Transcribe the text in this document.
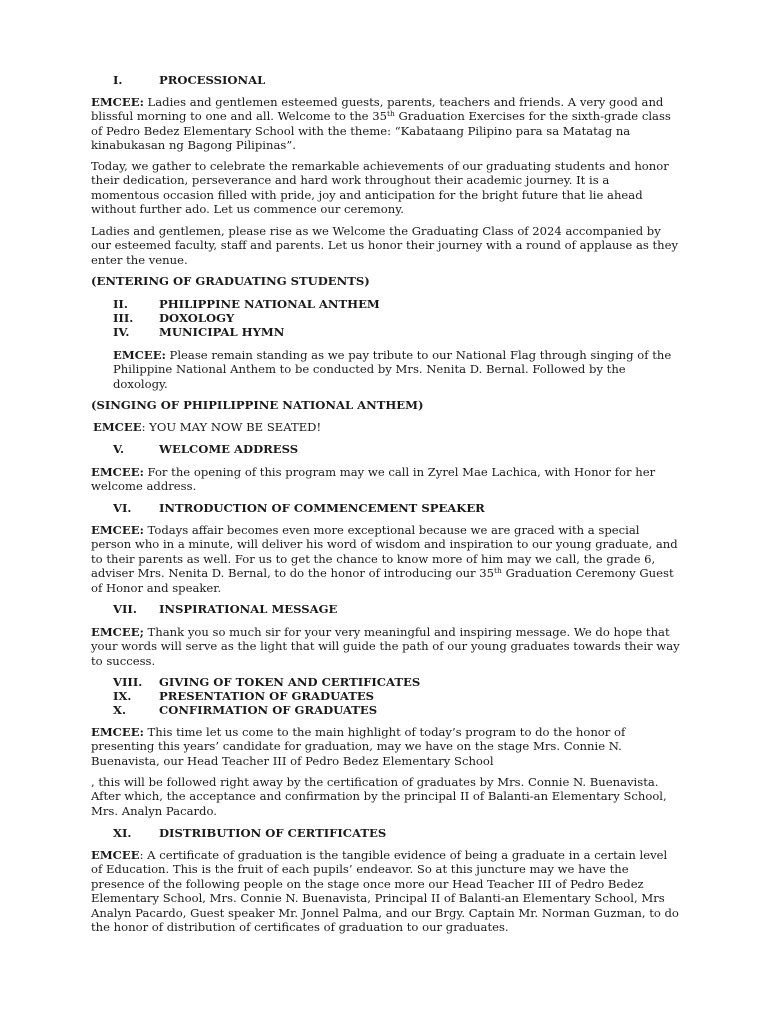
I.	PROCESSIONAL

EMCEE: Ladies and gentlemen esteemed guests, parents, teachers and friends. A very good and blissful morning to one and all. Welcome to the 35th Graduation Exercises for the sixth-grade class of Pedro Bedez Elementary School with the theme: “Kabataang Pilipino para sa Matatag na kinabukasan ng Bagong Pilipinas”.

Today, we gather to celebrate the remarkable achievements of our graduating students and honor their dedication, perseverance and hard work throughout their academic journey. It is a momentous occasion filled with pride, joy and anticipation for the bright future that lie ahead without further ado. Let us commence our ceremony.

Ladies and gentlemen, please rise as we Welcome the Graduating Class of 2024 accompanied by our esteemed faculty, staff and parents. Let us honor their journey with a round of applause as they enter the venue.

(ENTERING OF GRADUATING STUDENTS)

II.	PHILIPPINE NATIONAL ANTHEM
III. DOXOLOGY
IV.	MUNICIPAL HYMN

EMCEE: Please remain standing as we pay tribute to our National Flag through singing of the Philippine National Anthem to be conducted by Mrs. Nenita D. Bernal. Followed by the doxology.

(SINGING OF PHIPILIPPINE NATIONAL ANTHEM)

EMCEE: YOU MAY NOW BE SEATED!

V.	WELCOME ADDRESS

EMCEE: For the opening of this program may we call in Zyrel Mae Lachica, with Honor for her welcome address.

VI. INTRODUCTION OF COMMENCEMENT SPEAKER

EMCEE: Todays affair becomes even more exceptional because we are graced with a special person who in a minute, will deliver his word of wisdom and inspiration to our young graduate, and to their parents as well. For us to get the chance to know more of him may we call, the grade 6, adviser Mrs. Nenita D. Bernal, to do the honor of introducing our 35th Graduation Ceremony Guest of Honor and speaker.

VII. INSPIRATIONAL MESSAGE

EMCEE; Thank you so much sir for your very meaningful and inspiring message. We do hope that your words will serve as the light that will guide the path of our young graduates towards their way to success.

VIII. GIVING OF TOKEN AND CERTIFICATES
IX. PRESENTATION OF GRADUATES
X.	CONFIRMATION OF GRADUATES

EMCEE: This time let us come to the main highlight of today’s program to do the honor of presenting this years’ candidate for graduation, may we have on the stage Mrs. Connie N. Buenavista, our Head Teacher III of Pedro Bedez Elementary School

, this will be followed right away by the certification of graduates by Mrs. Connie N. Buenavista. After which, the acceptance and confirmation by the principal II of Balanti-an Elementary School, Mrs. Analyn Pacardo.

XI. DISTRIBUTION OF CERTIFICATES

EMCEE: A certificate of graduation is the tangible evidence of being a graduate in a certain level of Education. This is the fruit of each pupils’ endeavor. So at this juncture may we have the presence of the following people on the stage once more our Head Teacher III of Pedro Bedez Elementary School, Mrs. Connie N. Buenavista, Principal II of Balanti-an Elementary School, Mrs Analyn Pacardo, Guest speaker Mr. Jonnel Palma, and our Brgy. Captain Mr. Norman Guzman, to do the honor of distribution of certificates of graduation to our graduates.
